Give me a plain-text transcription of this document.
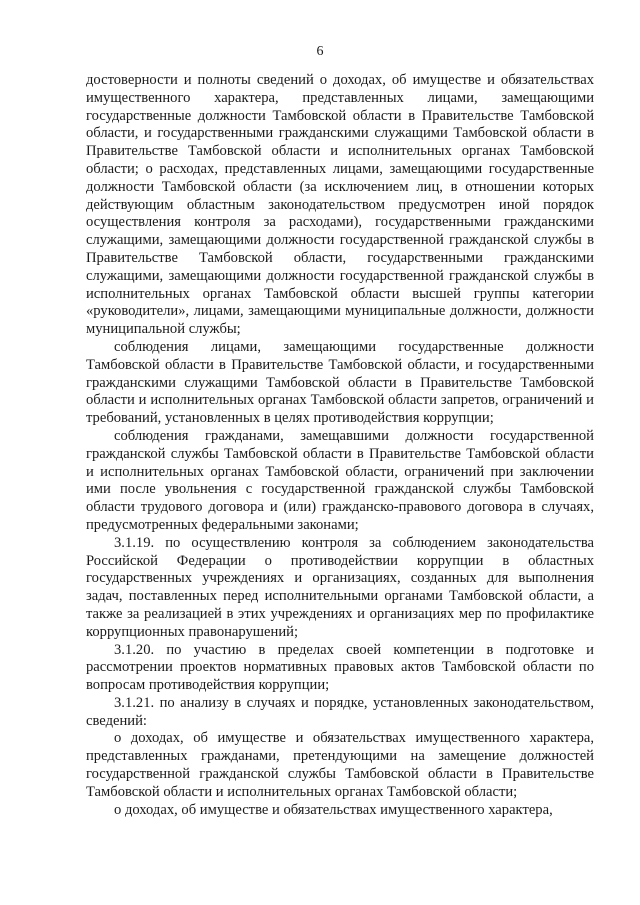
6

достоверности и полноты сведений о доходах, об имуществе и обязательствах имущественного характера, представленных лицами, замещающими государственные должности Тамбовской области в Правительстве Тамбовской области, и государственными гражданскими служащими Тамбовской области в Правительстве Тамбовской области и исполнительных органах Тамбовской области; о расходах, представленных лицами, замещающими государственные должности Тамбовской области (за исключением лиц, в отношении которых действующим областным законодательством предусмотрен иной порядок осуществления контроля за расходами), государственными гражданскими служащими, замещающими должности государственной гражданской службы в Правительстве Тамбовской области, государственными гражданскими служащими, замещающими должности государственной гражданской службы в исполнительных органах Тамбовской области высшей группы категории «руководители», лицами, замещающими муниципальные должности, должности муниципальной службы;

соблюдения лицами, замещающими государственные должности Тамбовской области в Правительстве Тамбовской области, и государственными гражданскими служащими Тамбовской области в Правительстве Тамбовской области и исполнительных органах Тамбовской области запретов, ограничений и требований, установленных в целях противодействия коррупции;

соблюдения гражданами, замещавшими должности государственной гражданской службы Тамбовской области в Правительстве Тамбовской области и исполнительных органах Тамбовской области, ограничений при заключении ими после увольнения с государственной гражданской службы Тамбовской области трудового договора и (или) гражданско-правового договора в случаях, предусмотренных федеральными законами;

3.1.19. по осуществлению контроля за соблюдением законодательства Российской Федерации о противодействии коррупции в областных государственных учреждениях и организациях, созданных для выполнения задач, поставленных перед исполнительными органами Тамбовской области, а также за реализацией в этих учреждениях и организациях мер по профилактике коррупционных правонарушений;

3.1.20. по участию в пределах своей компетенции в подготовке и рассмотрении проектов нормативных правовых актов Тамбовской области по вопросам противодействия коррупции;

3.1.21. по анализу в случаях и порядке, установленных законодательством, сведений:

о доходах, об имуществе и обязательствах имущественного характера, представленных гражданами, претендующими на замещение должностей государственной гражданской службы Тамбовской области в Правительстве Тамбовской области и исполнительных органах Тамбовской области;

о доходах, об имуществе и обязательствах имущественного характера,
